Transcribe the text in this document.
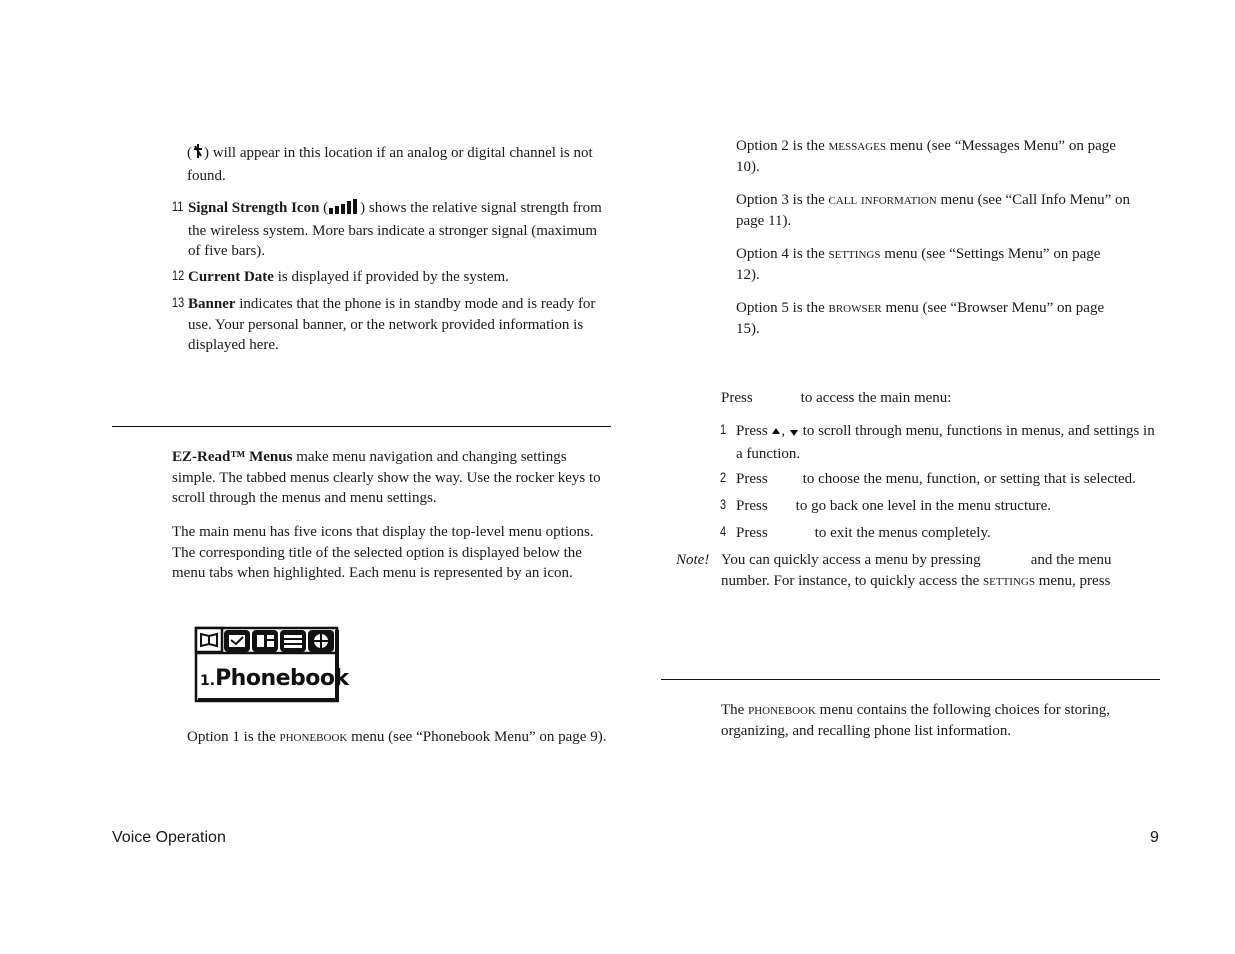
( ) will appear in this location if an analog or digital channel is not found.

11 Signal Strength Icon ( ) shows the relative signal strength from the wireless system. More bars indicate a stronger signal (maximum of five bars).

12 Current Date is displayed if provided by the system.

13 Banner indicates that the phone is in standby mode and is ready for use. Your personal banner, or the network provided information is displayed here.

EZ-Read™ Menus make menu navigation and changing settings simple. The tabbed menus clearly show the way. Use the rocker keys to scroll through the menus and menu settings.

The main menu has five icons that display the top-level menu options. The corresponding title of the selected option is displayed below the menu tabs when highlighted. Each menu is represented by an icon.

1.Phonebook

Option 1 is the phonebook menu (see “Phonebook Menu” on page 9).

Option 2 is the messages menu (see “Messages Menu” on page 10).

Option 3 is the call information menu (see “Call Info Menu” on page 11).

Option 4 is the settings menu (see “Settings Menu” on page 12).

Option 5 is the browser menu (see “Browser Menu” on page 15).

Press	to access the main menu:

1 Press , to scroll through menu, functions in menus, and settings in a function.

2 Press to choose the menu, function, or setting that is selected.

3 Press to go back one level in the menu structure.

4 Press	to exit the menus completely.

Note! You can quickly access a menu by pressing	and the menu
number. For instance, to quickly access the settings menu, press

The phonebook menu contains the following choices for storing, organizing, and recalling phone list information.

Voice Operation	9
